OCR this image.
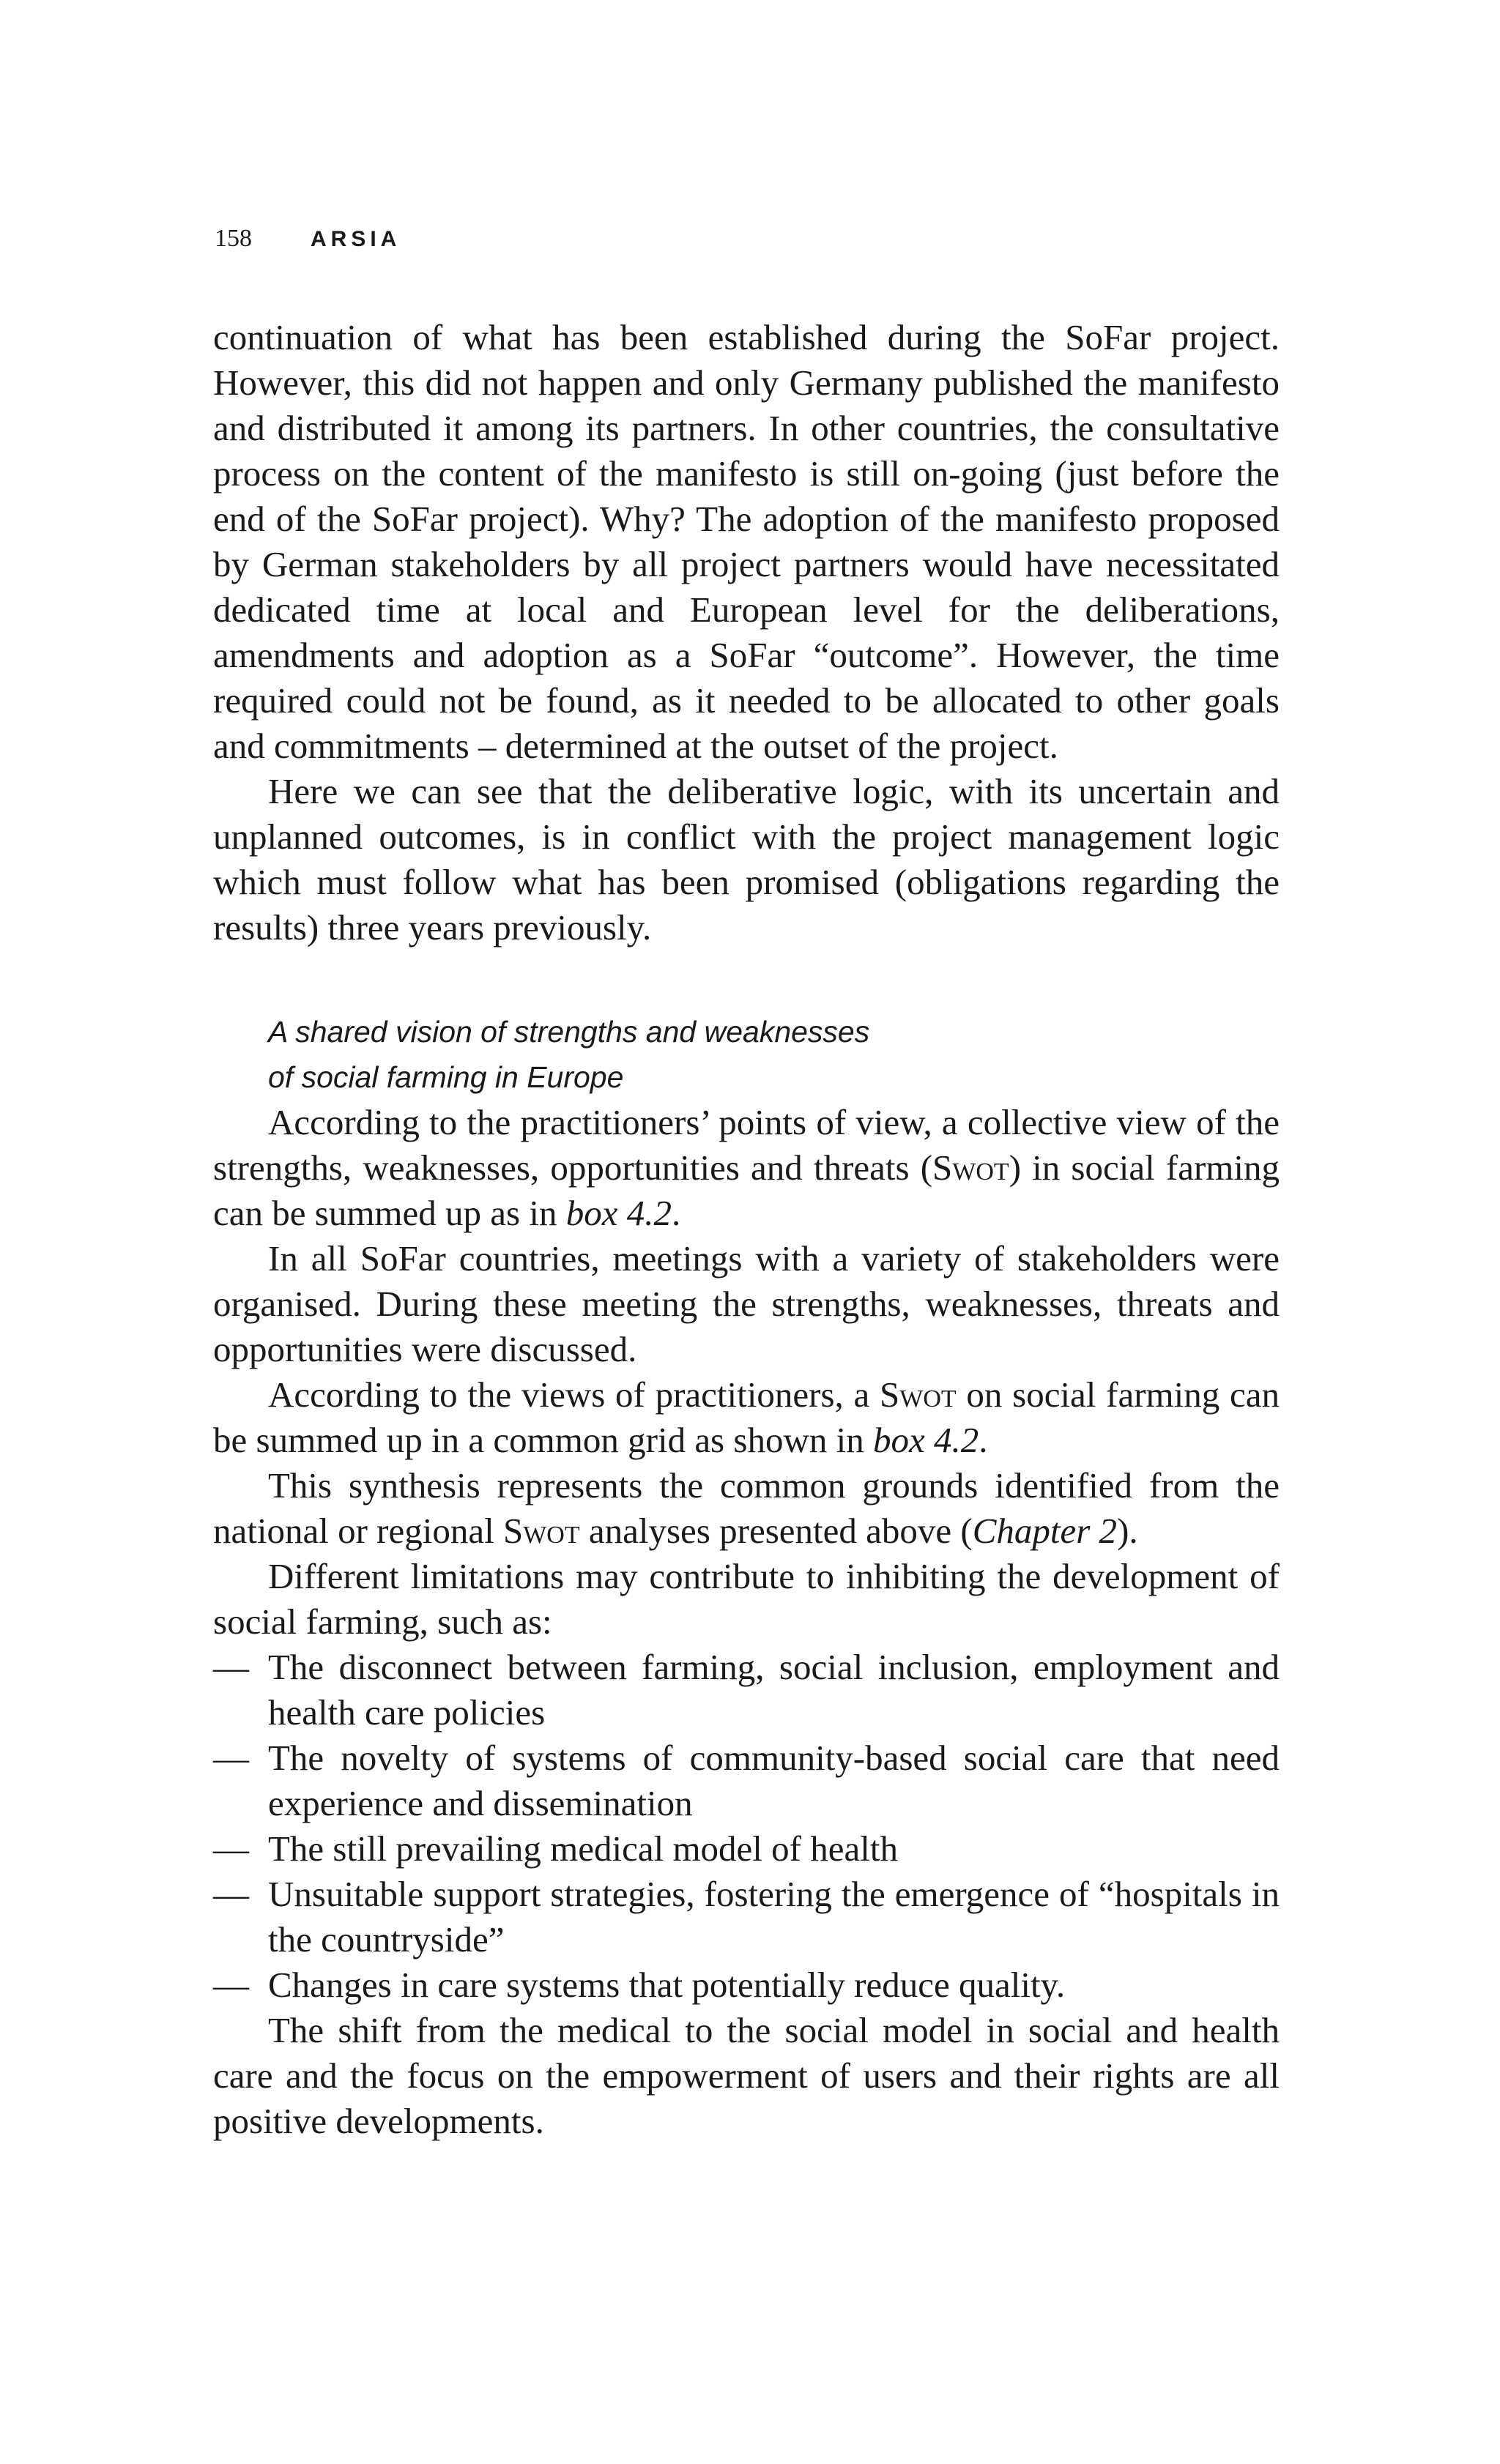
158	ARSIA

continuation of what has been established during the SoFar project. However, this did not happen and only Germany published the manifesto and distributed it among its partners. In other countries, the consultative process on the content of the manifesto is still on-going (just before the end of the SoFar project). Why? The adoption of the manifesto proposed by German stakeholders by all project partners would have necessitated dedicated time at local and European level for the deliberations, amendments and adoption as a SoFar “outcome”. However, the time required could not be found, as it needed to be allocated to other goals and commitments – determined at the outset of the project.

Here we can see that the deliberative logic, with its uncertain and unplanned outcomes, is in conflict with the project management logic which must follow what has been promised (obligations regarding the results) three years previously.

A shared vision of strengths and weaknesses
of social farming in Europe

According to the practitioners’ points of view, a collective view of the strengths, weaknesses, opportunities and threats (Swot) in social farming can be summed up as in box 4.2.

In all SoFar countries, meetings with a variety of stakeholders were organised. During these meeting the strengths, weaknesses, threats and opportunities were discussed.

According to the views of practitioners, a Swot on social farming can be summed up in a common grid as shown in box 4.2.

This synthesis represents the common grounds identified from the national or regional Swot analyses presented above (Chapter 2).

Different limitations may contribute to inhibiting the development of social farming, such as:

— The disconnect between farming, social inclusion, employment and health care policies
— The novelty of systems of community-based social care that need experience and dissemination
— The still prevailing medical model of health
— Unsuitable support strategies, fostering the emergence of “hospitals in the countryside”
— Changes in care systems that potentially reduce quality.

The shift from the medical to the social model in social and health care and the focus on the empowerment of users and their rights are all positive developments.
